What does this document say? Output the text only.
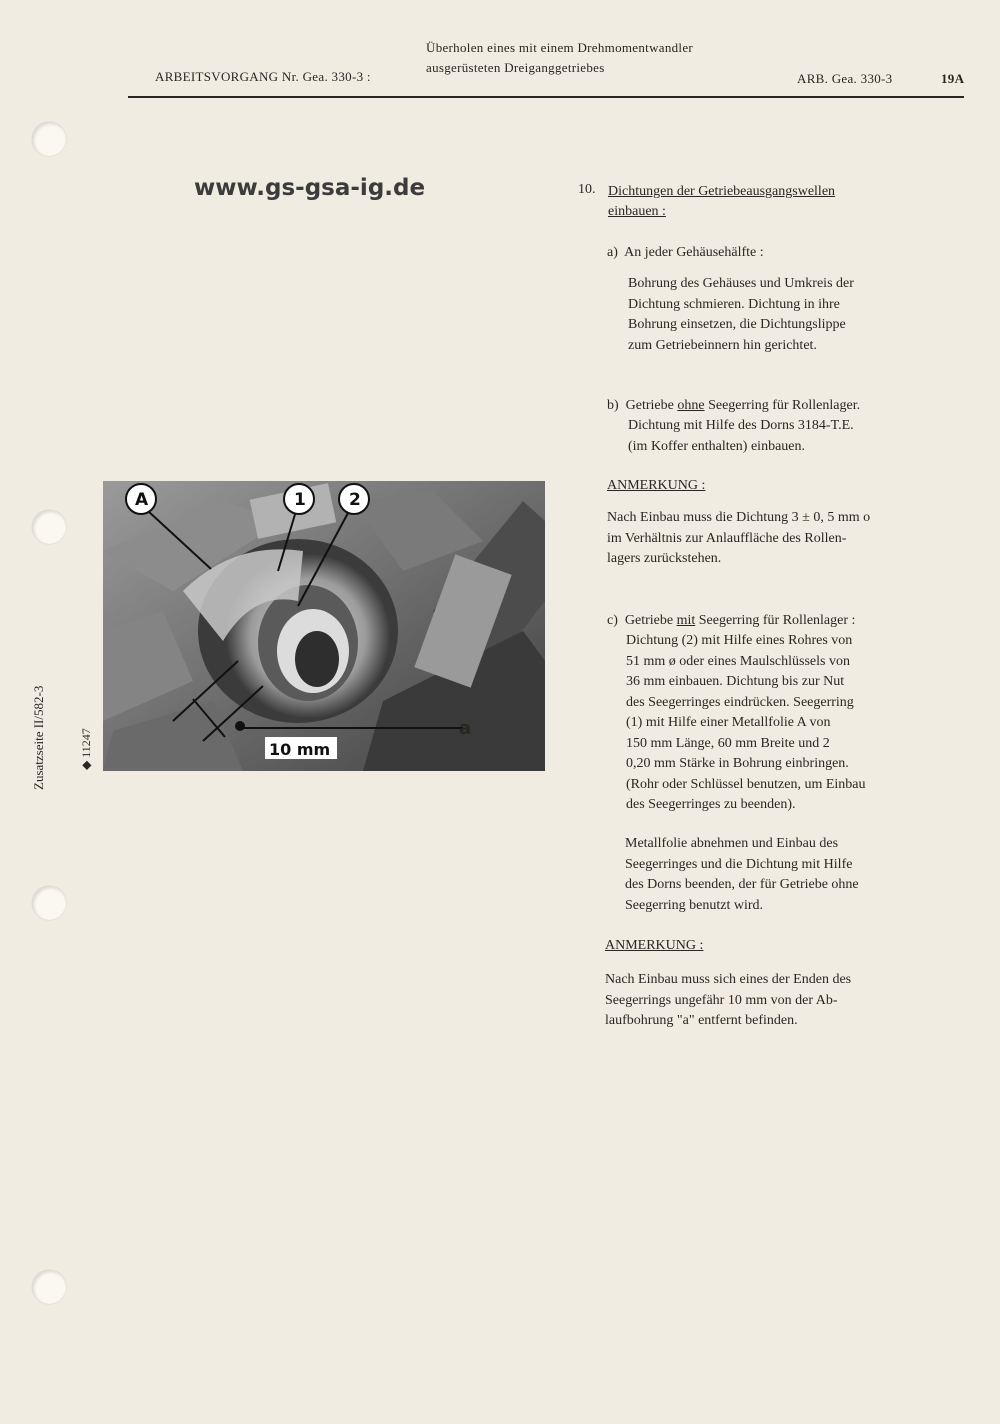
ARBEITSVORGANG Nr. Gea. 330-3 :
Überholen eines mit einem Drehmomentwandler
ausgerüsteten Dreiganggetriebes
ARB. Gea. 330-3	19A
www.gs-gsa-ig.de
Zusatzseite II/582-3	◆ 11247
A	1	2
10 mm
a
10. Dichtungen der Getriebeausgangswellen
einbauen :
a)  An jeder Gehäusehälfte :
Bohrung des Gehäuses und Umkreis der
Dichtung schmieren. Dichtung in ihre
Bohrung einsetzen, die Dichtungslippe
zum Getriebeinnern hin gerichtet.
b)  Getriebe ohne Seegerring für Rollenlager.
Dichtung mit Hilfe des Dorns 3184-T.E.
(im Koffer enthalten) einbauen.
ANMERKUNG :
Nach Einbau muss die Dichtung 3 ± 0, 5 mm o
im Verhältnis zur Anlauffläche des Rollen-
lagers zurückstehen.
c)  Getriebe mit Seegerring für Rollenlager :
Dichtung (2) mit Hilfe eines Rohres von
51 mm ø oder eines Maulschlüssels von
36 mm einbauen. Dichtung bis zur Nut
des Seegerringes eindrücken. Seegerring
(1) mit Hilfe einer Metallfolie A von
150 mm Länge, 60 mm Breite und 2
0,20 mm Stärke in Bohrung einbringen.
(Rohr oder Schlüssel benutzen, um Einbau
des Seegerringes zu beenden).
Metallfolie abnehmen und Einbau des
Seegerringes und die Dichtung mit Hilfe
des Dorns beenden, der für Getriebe ohne
Seegerring benutzt wird.
ANMERKUNG :
Nach Einbau muss sich eines der Enden des
Seegerrings ungefähr 10 mm von der Ab-
laufbohrung "a" entfernt befinden.
